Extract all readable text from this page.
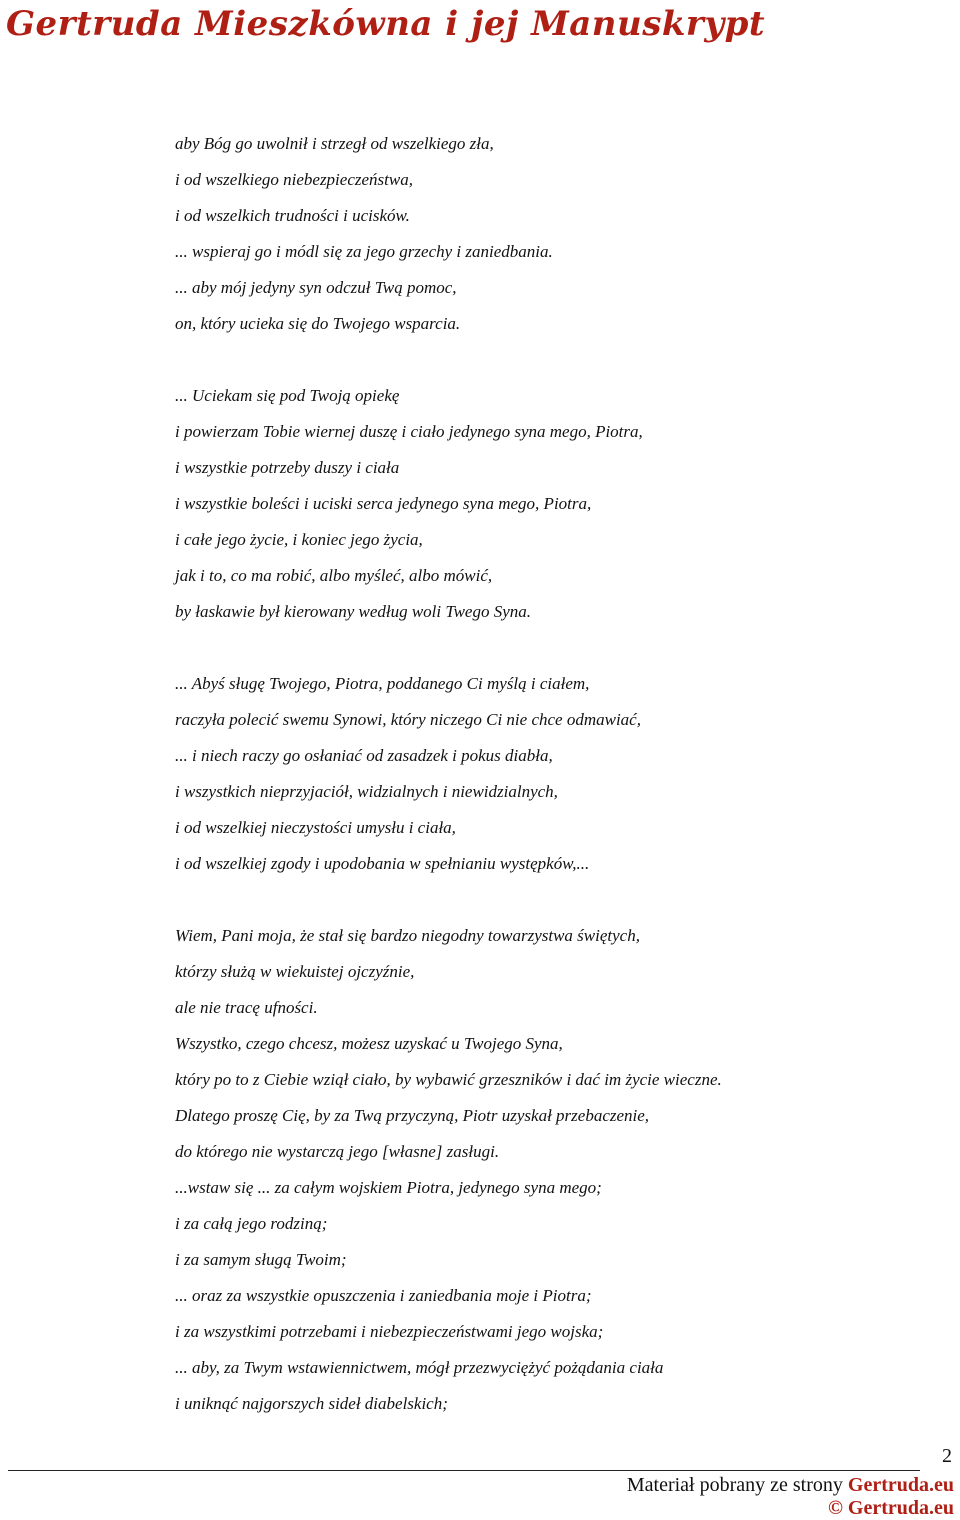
Gertruda Mieszkówna i jej Manuskrypt
aby Bóg go uwolnił i strzegł od wszelkiego zła,
i od wszelkiego niebezpieczeństwa,
i od wszelkich trudności i ucisków.
... wspieraj go i módl się za jego grzechy i zaniedbania.
... aby mój jedyny syn odczuł Twą pomoc,
on, który ucieka się do Twojego wsparcia.
... Uciekam się pod Twoją opiekę
i powierzam Tobie wiernej duszę i ciało jedynego syna mego, Piotra,
i wszystkie potrzeby duszy i ciała
i wszystkie boleści i uciski serca jedynego syna mego, Piotra,
i całe jego życie, i koniec jego życia,
jak i to, co ma robić, albo myśleć, albo mówić,
by łaskawie był kierowany według woli Twego Syna.
... Abyś sługę Twojego, Piotra, poddanego Ci myślą i ciałem,
raczyła polecić swemu Synowi, który niczego Ci nie chce odmawiać,
... i niech raczy go osłaniać od zasadzek i pokus diabła,
i wszystkich nieprzyjaciół, widzialnych i niewidzialnych,
i od wszelkiej nieczystości umysłu i ciała,
i od wszelkiej zgody i upodobania w spełnianiu występków,...
Wiem, Pani moja, że stał się bardzo niegodny towarzystwa świętych,
którzy służą w wiekuistej ojczyźnie,
ale nie tracę ufności.
Wszystko, czego chcesz, możesz uzyskać u Twojego Syna,
który po to z Ciebie wziął ciało, by wybawić grzeszników i dać im życie wieczne.
Dlatego proszę Cię, by za Twą przyczyną, Piotr uzyskał przebaczenie,
do którego nie wystarczą jego [własne] zasługi.
...wstaw się ... za całym wojskiem Piotra, jedynego syna mego;
i za całą jego rodziną;
i za samym sługą Twoim;
... oraz za wszystkie opuszczenia i zaniedbania moje i Piotra;
i za wszystkimi potrzebami i niebezpieczeństwami jego wojska;
... aby, za Twym wstawiennictwem, mógł przezwyciężyć pożądania ciała
i uniknąć najgorszych sideł diabelskich;
2
Materiał pobrany ze strony Gertruda.eu
© Gertruda.eu
